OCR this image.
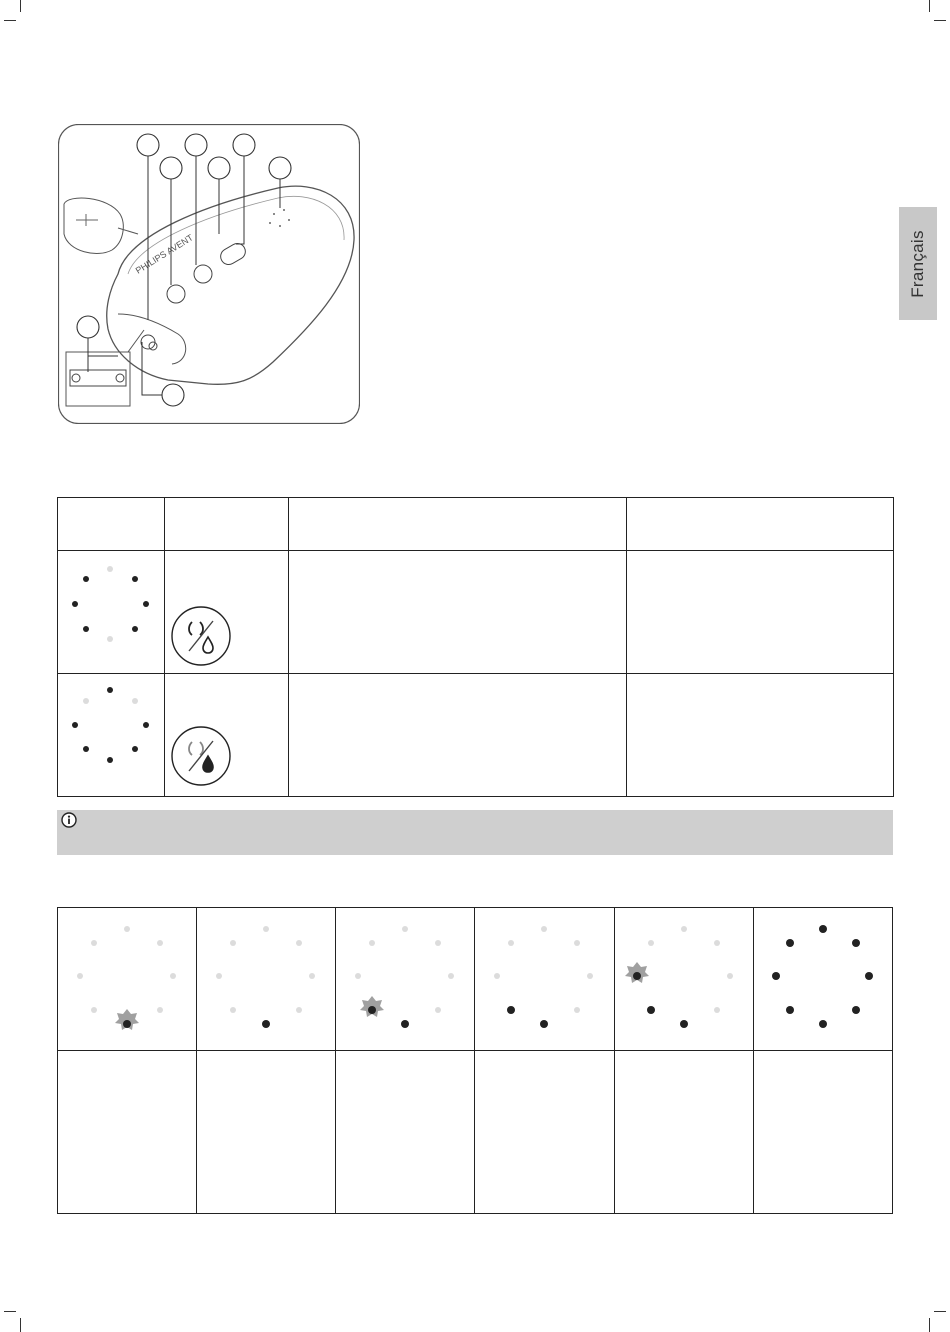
Français
PHILIPS AVENT
